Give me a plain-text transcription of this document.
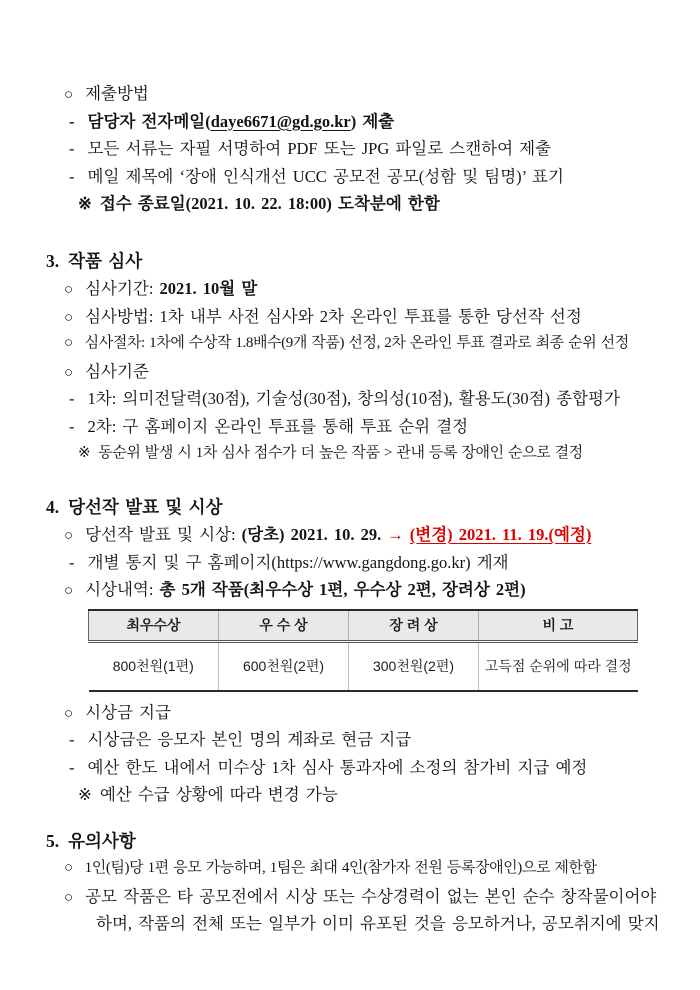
○ 제출방법

- 담당자 전자메일(daye6671@gd.go.kr) 제출

- 모든 서류는 자필 서명하여 PDF 또는 JPG 파일로 스캔하여 제출

- 메일 제목에 ‘장애 인식개선 UCC 공모전 공모(성함 및 팀명)’ 표기

※ 접수 종료일(2021. 10. 22. 18:00) 도착분에 한함

3. 작품 심사

○ 심사기간: 2021. 10월 말

○ 심사방법: 1차 내부 사전 심사와 2차 온라인 투표를 통한 당선작 선정

○ 심사절차: 1차에 수상작 1.8배수(9개 작품) 선정, 2차 온라인 투표 결과로 최종 순위 선정

○ 심사기준

- 1차: 의미전달력(30점), 기술성(30점), 창의성(10점), 활용도(30점) 종합평가

- 2차: 구 홈페이지 온라인 투표를 통해 투표 순위 결정

※ 동순위 발생 시 1차 심사 점수가 더 높은 작품 > 관내 등록 장애인 순으로 결정

4. 당선작 발표 및 시상

○ 당선작 발표 및 시상: (당초) 2021. 10. 29. → (변경) 2021. 11. 19.(예정)

- 개별 통지 및 구 홈페이지(https://www.gangdong.go.kr) 게재

○ 시상내역: 총 5개 작품(최우수상 1편, 우수상 2편, 장려상 2편)

최우수상	우 수 상	장 려 상	비 고
800천원(1편)	600천원(2편)	300천원(2편)	고득점 순위에 따라 결정

○ 시상금 지급

- 시상금은 응모자 본인 명의 계좌로 현금 지급

- 예산 한도 내에서 미수상 1차 심사 통과자에 소정의 참가비 지급 예정

※ 예산 수급 상황에 따라 변경 가능

5. 유의사항

○ 1인(팀)당 1편 응모 가능하며, 1팀은 최대 4인(참가자 전원 등록장애인)으로 제한함

○ 공모 작품은 타 공모전에서 시상 또는 수상경력이 없는 본인 순수 창작물이어야

하며, 작품의 전체 또는 일부가 이미 유포된 것을 응모하거나, 공모취지에 맞지
